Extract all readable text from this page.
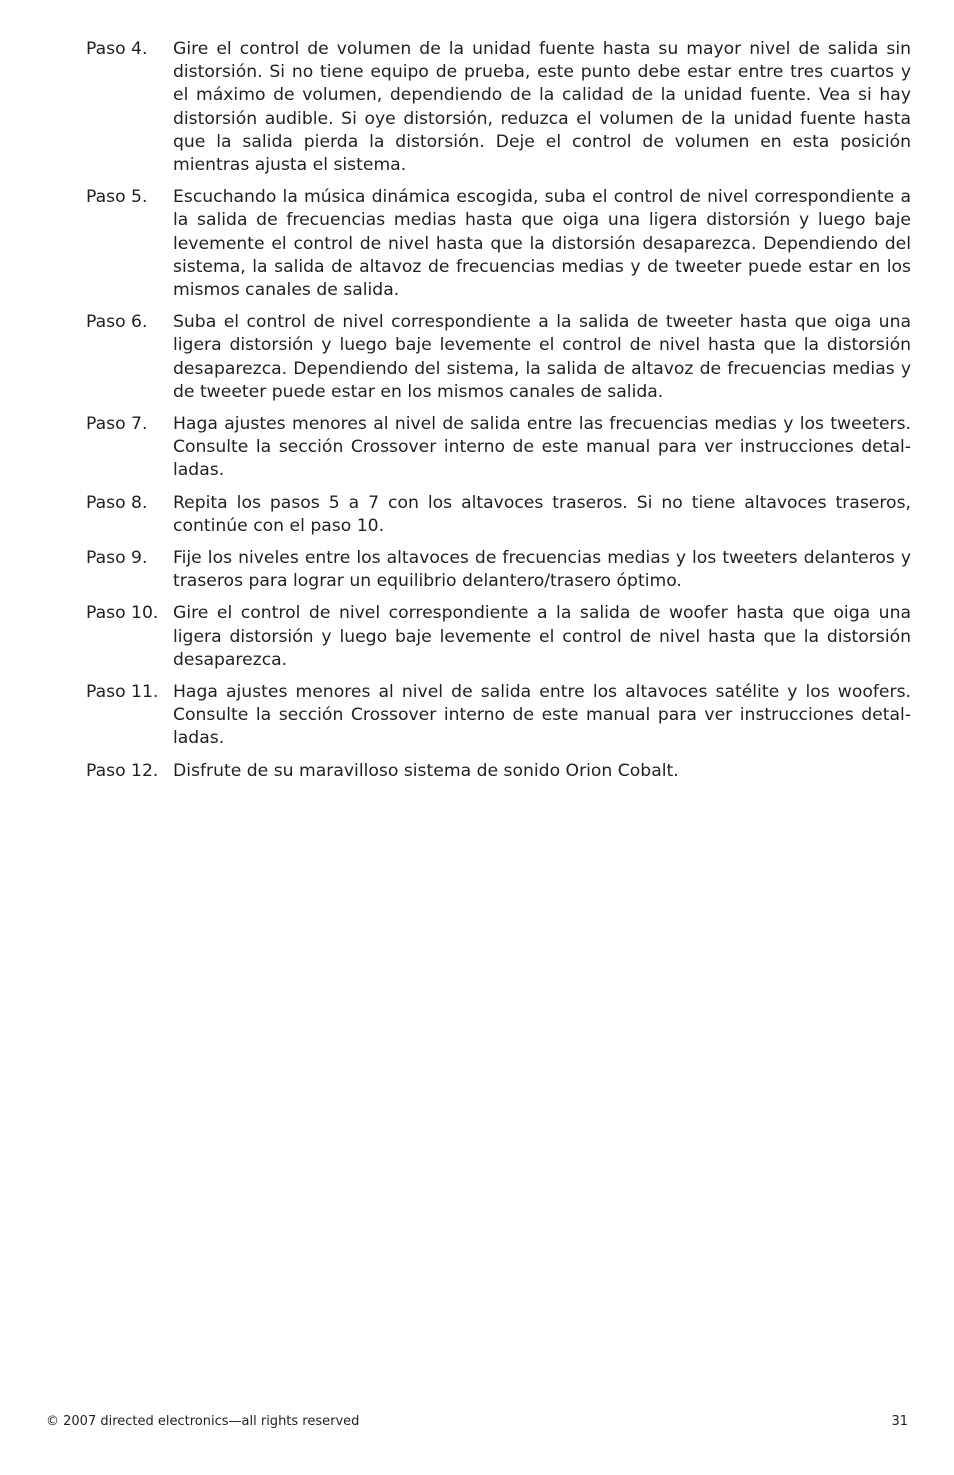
Paso 4.	Gire el control de volumen de la unidad fuente hasta su mayor nivel de salida sin distorsión. Si no tiene equipo de prueba, este punto debe estar entre tres cuartos y el máximo de volumen, dependiendo de la calidad de la unidad fuente. Vea si hay distorsión audible. Si oye distorsión, reduzca el volumen de la unidad fuente hasta que la salida pierda la distorsión. Deje el control de volumen en esta posición mientras ajusta el sistema.
Paso 5.	Escuchando la música dinámica escogida, suba el control de nivel correspondiente a la salida de frecuencias medias hasta que oiga una ligera distorsión y luego baje levemente el control de nivel hasta que la distorsión desaparezca. Dependiendo del sistema, la salida de altavoz de frecuencias medias y de tweeter puede estar en los mismos canales de salida.
Paso 6.	Suba el control de nivel correspondiente a la salida de tweeter hasta que oiga una ligera distorsión y luego baje levemente el control de nivel hasta que la distorsión desaparezca. Dependiendo del sistema, la salida de altavoz de frecuencias medias y de tweeter puede estar en los mismos canales de salida.
Paso 7.	Haga ajustes menores al nivel de salida entre las frecuencias medias y los tweeters. Consulte la sección Crossover interno de este manual para ver instrucciones detalladas.
Paso 8.	Repita los pasos 5 a 7 con los altavoces traseros. Si no tiene altavoces traseros, continúe con el paso 10.
Paso 9.	Fije los niveles entre los altavoces de frecuencias medias y los tweeters delanteros y traseros para lograr un equilibrio delantero/trasero óptimo.
Paso 10. Gire el control de nivel correspondiente a la salida de woofer hasta que oiga una ligera distorsión y luego baje levemente el control de nivel hasta que la distorsión desaparezca.
Paso 11. Haga ajustes menores al nivel de salida entre los altavoces satélite y los woofers. Consulte la sección Crossover interno de este manual para ver instrucciones detalladas.
Paso 12. Disfrute de su maravilloso sistema de sonido Orion Cobalt.
© 2007 directed electronics—all rights reserved	31
